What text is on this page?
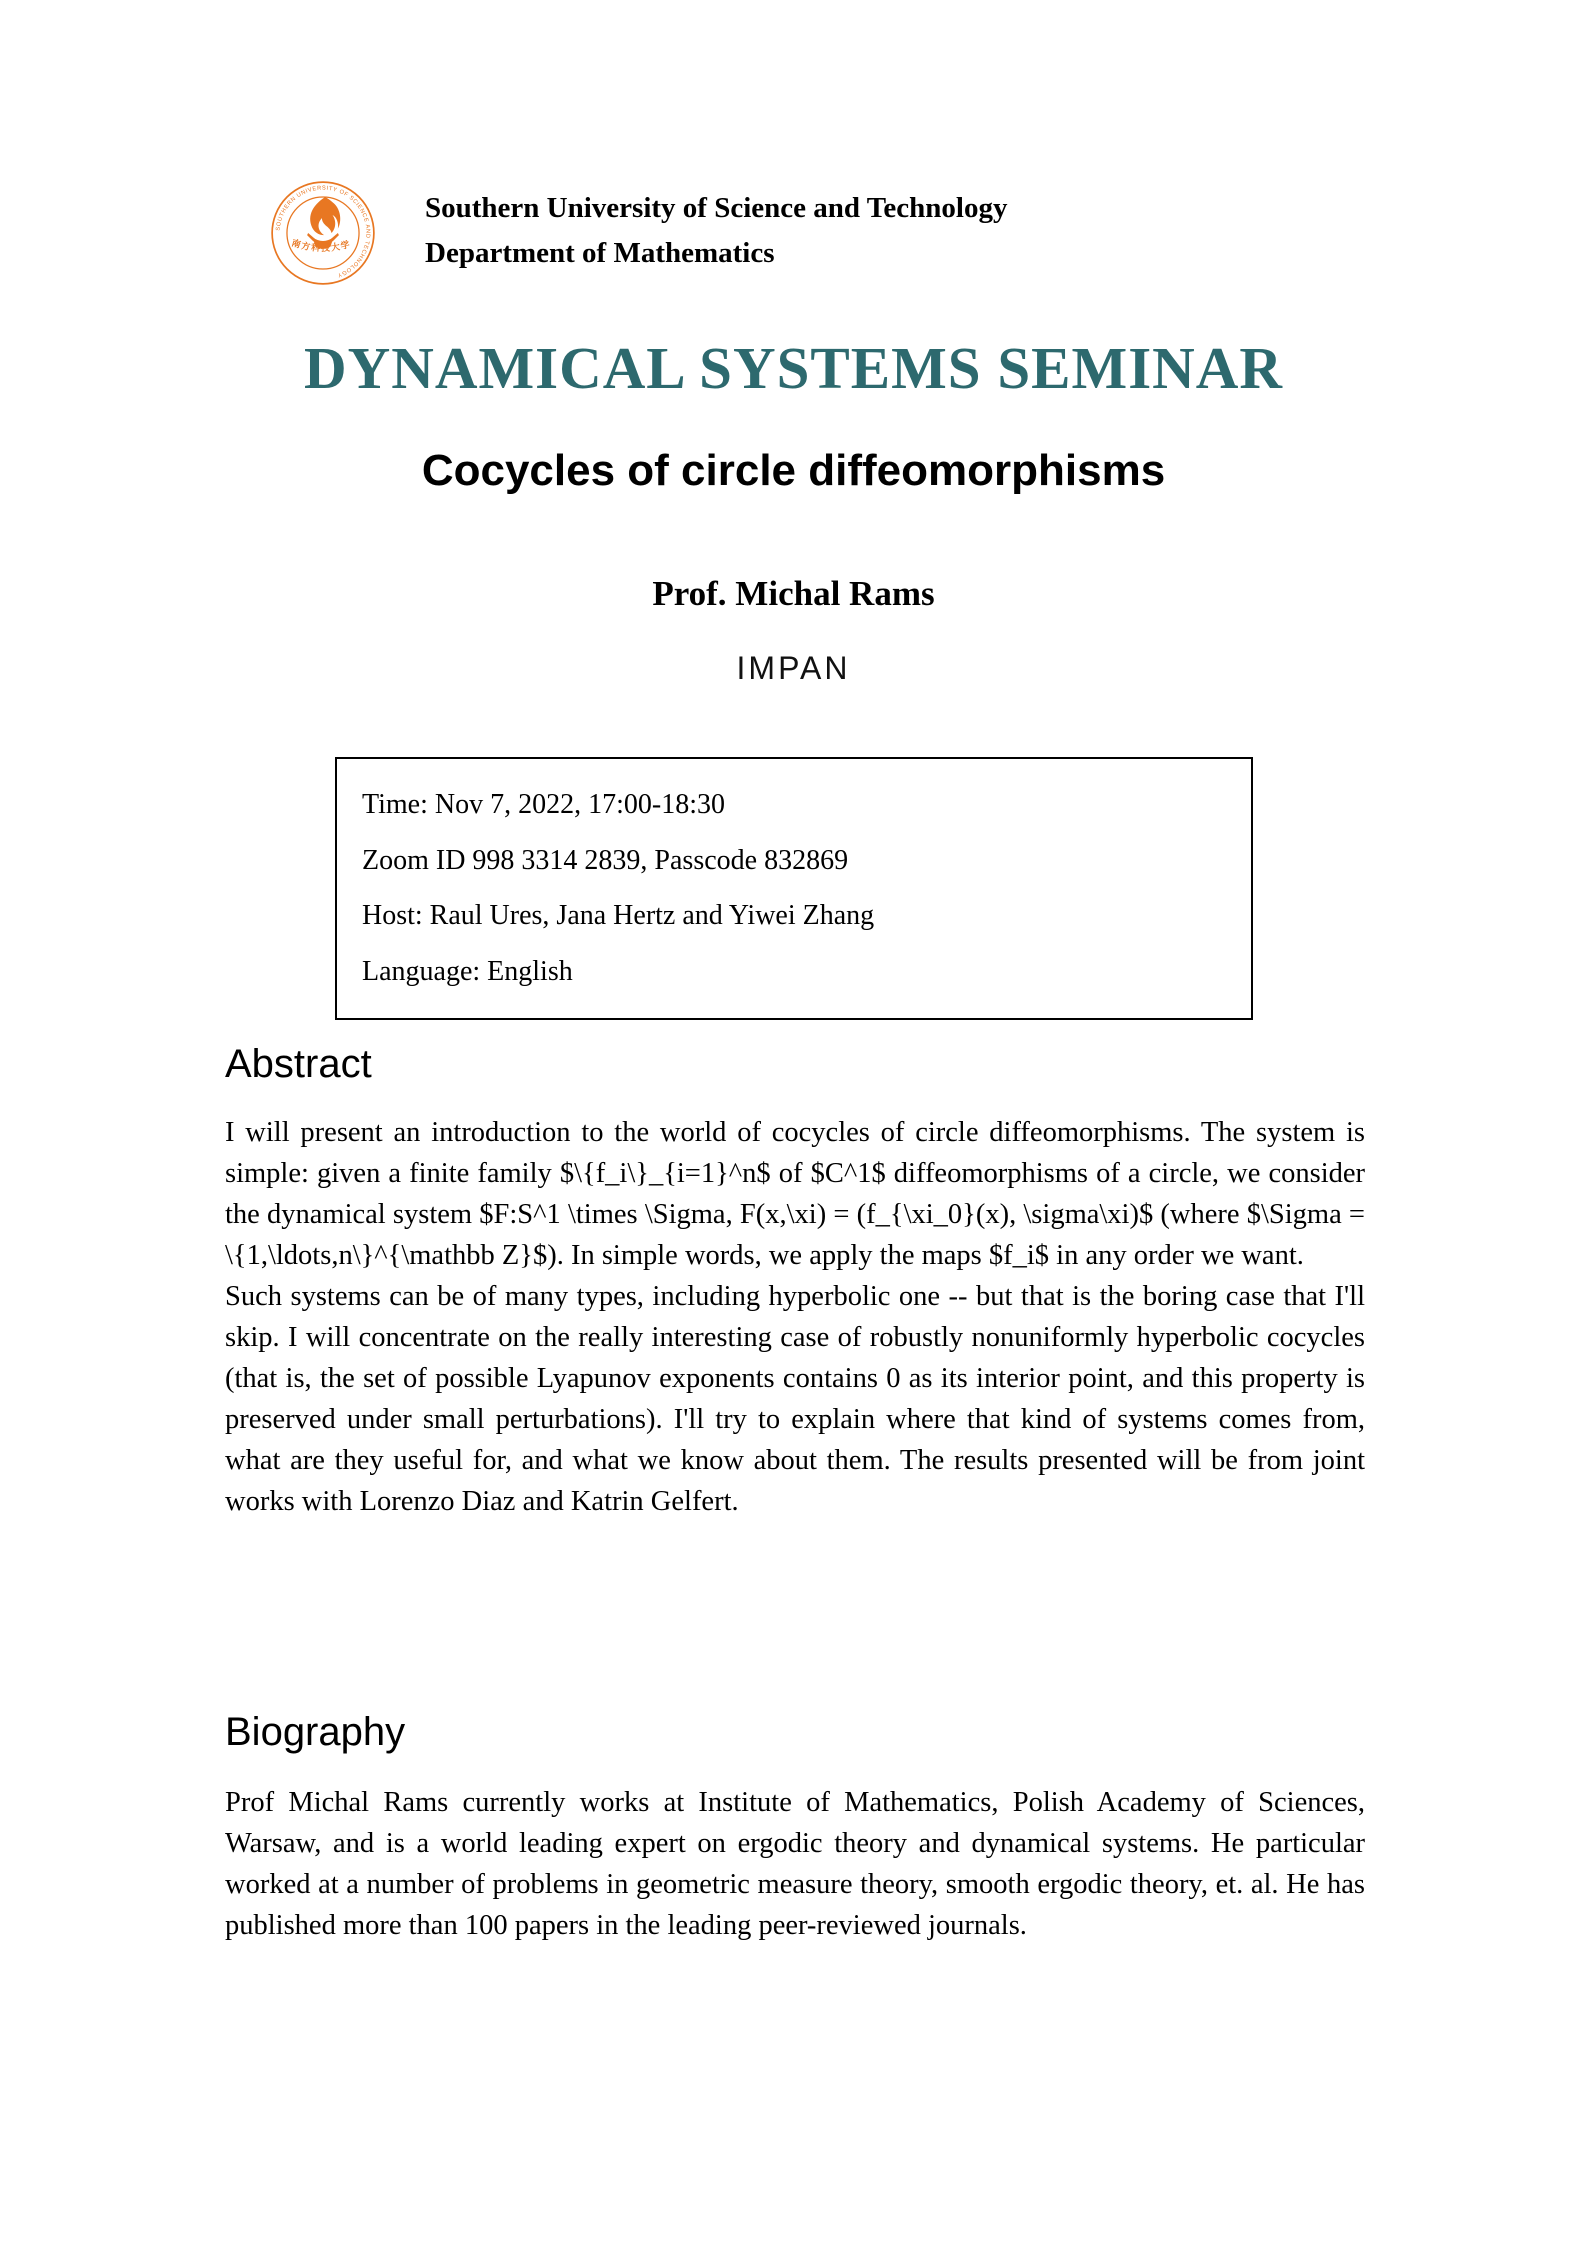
SOUTHERN UNIVERSITY OF SCIENCE AND TECHNOLOGY
南方科技大学
Southern University of Science and Technology
Department of Mathematics
DYNAMICAL SYSTEMS SEMINAR
Cocycles of circle diffeomorphisms
Prof. Michal Rams
IMPAN
Time: Nov 7, 2022, 17:00-18:30
Zoom ID 998 3314 2839, Passcode 832869
Host: Raul Ures, Jana Hertz and Yiwei Zhang
Language: English
Abstract

I will present an introduction to the world of cocycles of circle diffeomorphisms. The system is simple: given a finite family $\{f_i\}_{i=1}^n$ of $C^1$ diffeomorphisms of a circle, we consider the dynamical system $F:S^1 \times \Sigma, F(x,\xi) = (f_{\xi_0}(x), \sigma\xi)$ (where $\Sigma = \{1,\ldots,n\}^{\mathbb Z}$). In simple words, we apply the maps $f_i$ in any order we want.

Such systems can be of many types, including hyperbolic one -- but that is the boring case that I'll skip. I will concentrate on the really interesting case of robustly nonuniformly hyperbolic cocycles (that is, the set of possible Lyapunov exponents contains 0 as its interior point, and this property is preserved under small perturbations). I'll try to explain where that kind of systems comes from, what are they useful for, and what we know about them. The results presented will be from joint works with Lorenzo Diaz and Katrin Gelfert.

Biography

Prof Michal Rams currently works at Institute of Mathematics, Polish Academy of Sciences, Warsaw, and is a world leading expert on ergodic theory and dynamical systems. He particular worked at a number of problems in geometric measure theory, smooth ergodic theory, et. al. He has published more than 100 papers in the leading peer-reviewed journals.
